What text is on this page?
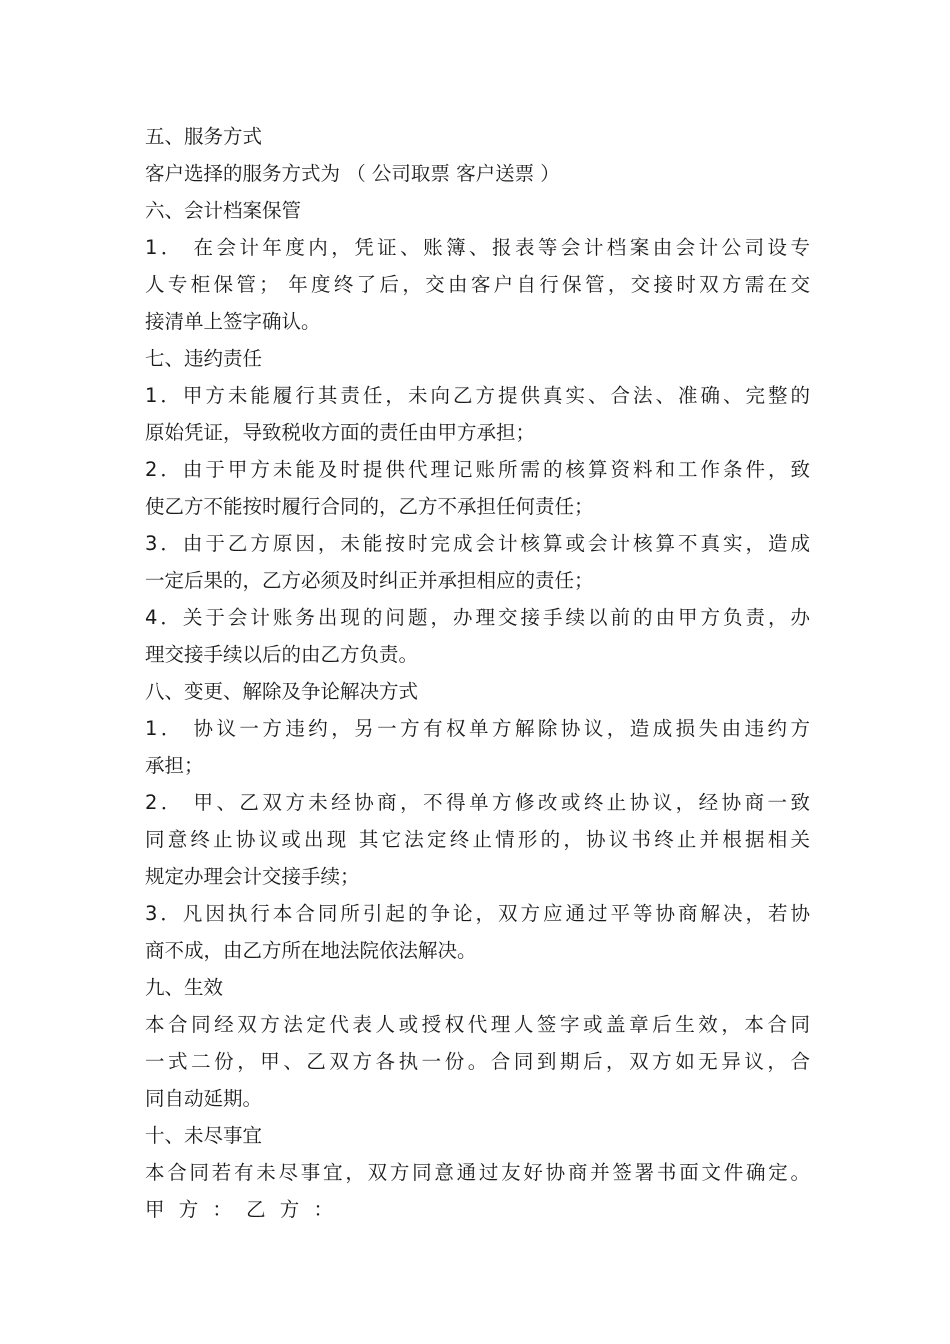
五、服务方式
客户选择的服务方式为 （ 公司取票 客户送票 ）
六、会计档案保管
1． 在会计年度内，凭证、账簿、报表等会计档案由会计公司设专
人专柜保管； 年度终了后，交由客户自行保管，交接时双方需在交
接清单上签字确认。
七、违约责任
1．甲方未能履行其责任，未向乙方提供真实、合法、准确、完整的
原始凭证，导致税收方面的责任由甲方承担；
2．由于甲方未能及时提供代理记账所需的核算资料和工作条件，致
使乙方不能按时履行合同的，乙方不承担任何责任；
3．由于乙方原因，未能按时完成会计核算或会计核算不真实，造成
一定后果的，乙方必须及时纠正并承担相应的责任；
4．关于会计账务出现的问题，办理交接手续以前的由甲方负责，办
理交接手续以后的由乙方负责。
八、变更、解除及争论解决方式
1． 协议一方违约，另一方有权单方解除协议，造成损失由违约方
承担；
2． 甲、乙双方未经协商，不得单方修改或终止协议，经协商一致
同意终止协议或出现 其它法定终止情形的，协议书终止并根据相关
规定办理会计交接手续；
3．凡因执行本合同所引起的争论，双方应通过平等协商解决，若协
商不成，由乙方所在地法院依法解决。
九、生效
本合同经双方法定代表人或授权代理人签字或盖章后生效，本合同
一式二份，甲、乙双方各执一份。合同到期后，双方如无异议，合
同自动延期。
十、未尽事宜
本合同若有未尽事宜，双方同意通过友好协商并签署书面文件确定。
甲 方 ： 乙 方 ：
